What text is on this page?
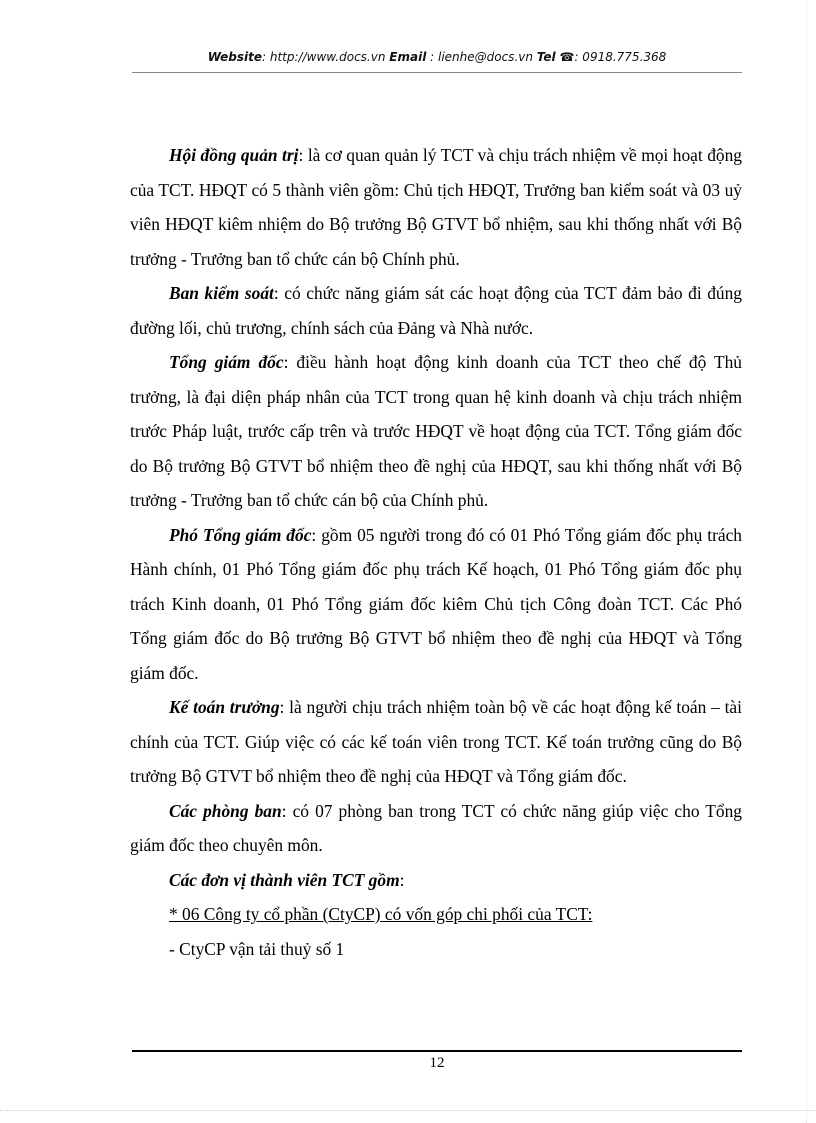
Website: http://www.docs.vn Email : lienhe@docs.vn Tel ☎: 0918.775.368

Hội đồng quản trị: là cơ quan quản lý TCT và chịu trách nhiệm về mọi hoạt động của TCT. HĐQT có 5 thành viên gồm: Chủ tịch HĐQT, Trưởng ban kiểm soát và 03 uỷ viên HĐQT kiêm nhiệm do Bộ trưởng Bộ GTVT bổ nhiệm, sau khi thống nhất với Bộ trưởng - Trưởng ban tổ chức cán bộ Chính phủ.

Ban kiểm soát: có chức năng giám sát các hoạt động của TCT đảm bảo đi đúng đường lối, chủ trương, chính sách của Đảng và Nhà nước.

Tổng giám đốc: điều hành hoạt động kinh doanh của TCT theo chế độ Thủ trưởng, là đại diện pháp nhân của TCT trong quan hệ kinh doanh và chịu trách nhiệm trước Pháp luật, trước cấp trên và trước HĐQT về hoạt động của TCT. Tổng giám đốc do Bộ trưởng Bộ GTVT bổ nhiệm theo đề nghị của HĐQT, sau khi thống nhất với Bộ trưởng - Trưởng ban tổ chức cán bộ của Chính phủ.

Phó Tổng giám đốc: gồm 05 người trong đó có 01 Phó Tổng giám đốc phụ trách Hành chính, 01 Phó Tổng giám đốc phụ trách Kế hoạch, 01 Phó Tổng giám đốc phụ trách Kinh doanh, 01 Phó Tổng giám đốc kiêm Chủ tịch Công đoàn TCT. Các Phó Tổng giám đốc do Bộ trưởng Bộ GTVT bổ nhiệm theo đề nghị của HĐQT và Tổng giám đốc.

Kế toán trưởng: là người chịu trách nhiệm toàn bộ về các hoạt động kế toán – tài chính của TCT. Giúp việc có các kế toán viên trong TCT. Kế toán trưởng cũng do Bộ trưởng Bộ GTVT bổ nhiệm theo đề nghị của HĐQT và Tổng giám đốc.

Các phòng ban: có 07 phòng ban trong TCT có chức năng giúp việc cho Tổng giám đốc theo chuyên môn.

Các đơn vị thành viên TCT gồm:

* 06 Công ty cổ phần (CtyCP) có vốn góp chi phối của TCT:

- CtyCP vận tải thuỷ số 1

12
